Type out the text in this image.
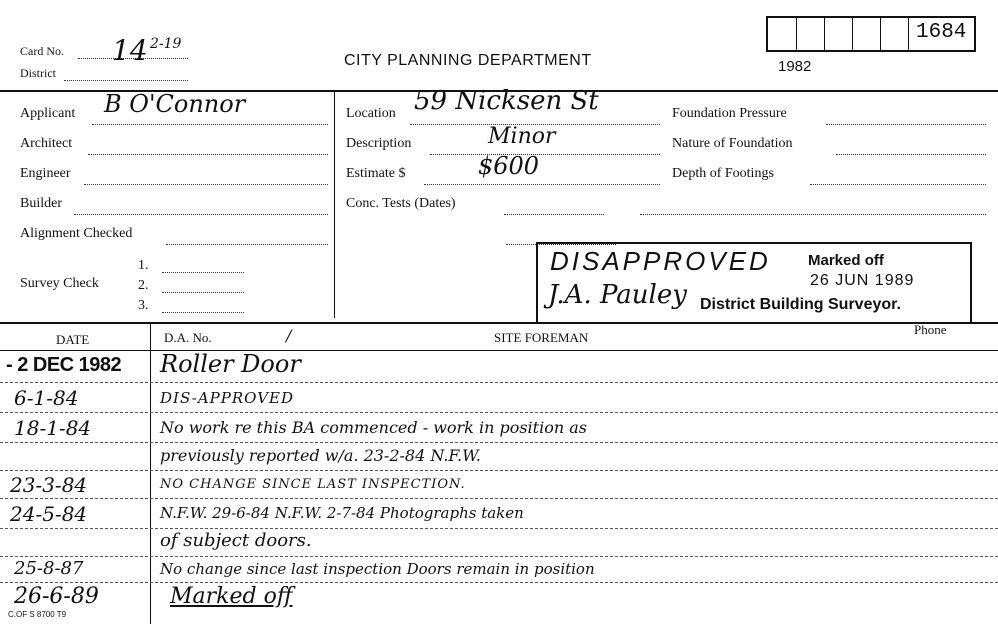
Card No. 14 2-19
District
CITY PLANNING DEPARTMENT	1982
1684
Applicant B O'Connor
Architect
Engineer
Builder
Alignment Checked
Survey Check
1.
2.
3.
Location 59 Nicksen St
Description	Minor
Estimate $	$600
Conc. Tests (Dates)
Foundation Pressure
Nature of Foundation
Depth of Footings
DISAPPROVED Marked off
26 JUN 1989
J.A. Pauley District Building Surveyor.
DATE	D.A. No.	/	SITE FOREMAN
Phone
- 2 DEC 1982 Roller Door
6-1-84	DIS-APPROVED
18-1-84	No work re this BA commenced - work in position as
previously reported w/a. 23-2-84 N.F.W.
23-3-84	NO CHANGE SINCE LAST INSPECTION.
24-5-84	N.F.W. 29-6-84 N.F.W. 2-7-84 Photographs taken
of subject doors.
25-8-87	No change since last inspection Doors remain in position
26-6-89	Marked off
C.OF S 8700 T9
